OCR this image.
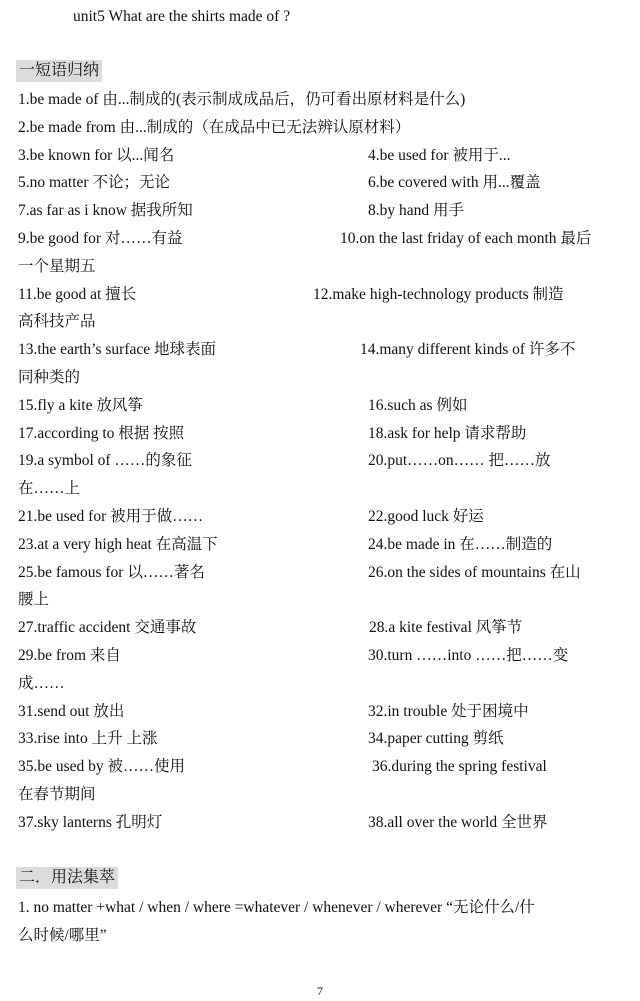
unit5 What are the shirts made of ?
一短语归纳
1.be made of 由...制成的(表示制成成品后，仍可看出原材料是什么)
2.be made from 由...制成的（在成品中已无法辨认原材料）
3.be known for 以...闻名	4.be used for 被用于...
5.no matter 不论；无论	6.be covered with 用...覆盖
7.as far as i know 据我所知	8.by hand 用手
9.be good for 对……有益	10.on the last friday of each month 最后
一个星期五
11.be good at 擅长	12.make high-technology products 制造
高科技产品
13.the earth’s surface 地球表面	14.many different kinds of 许多不
同种类的
15.fly a kite 放风筝	16.such as 例如
17.according to 根据 按照	18.ask for help 请求帮助
19.a symbol of ……的象征	20.put……on…… 把……放
在……上
21.be used for 被用于做……	22.good luck 好运
23.at a very high heat 在高温下	24.be made in 在……制造的
25.be famous for 以……著名	26.on the sides of mountains 在山
腰上
27.traffic accident 交通事故	28.a kite festival 风筝节
29.be from 来自	30.turn ……into ……把……变
成……
31.send out 放出	32.in trouble 处于困境中
33.rise into 上升 上涨	34.paper cutting 剪纸
35.be used by 被……使用	36.during the spring festival
在春节期间
37.sky lanterns 孔明灯	38.all over the world 全世界
二．用法集萃
1. no matter +what / when / where =whatever / whenever / wherever “无论什么/什
么时候/哪里”
7
